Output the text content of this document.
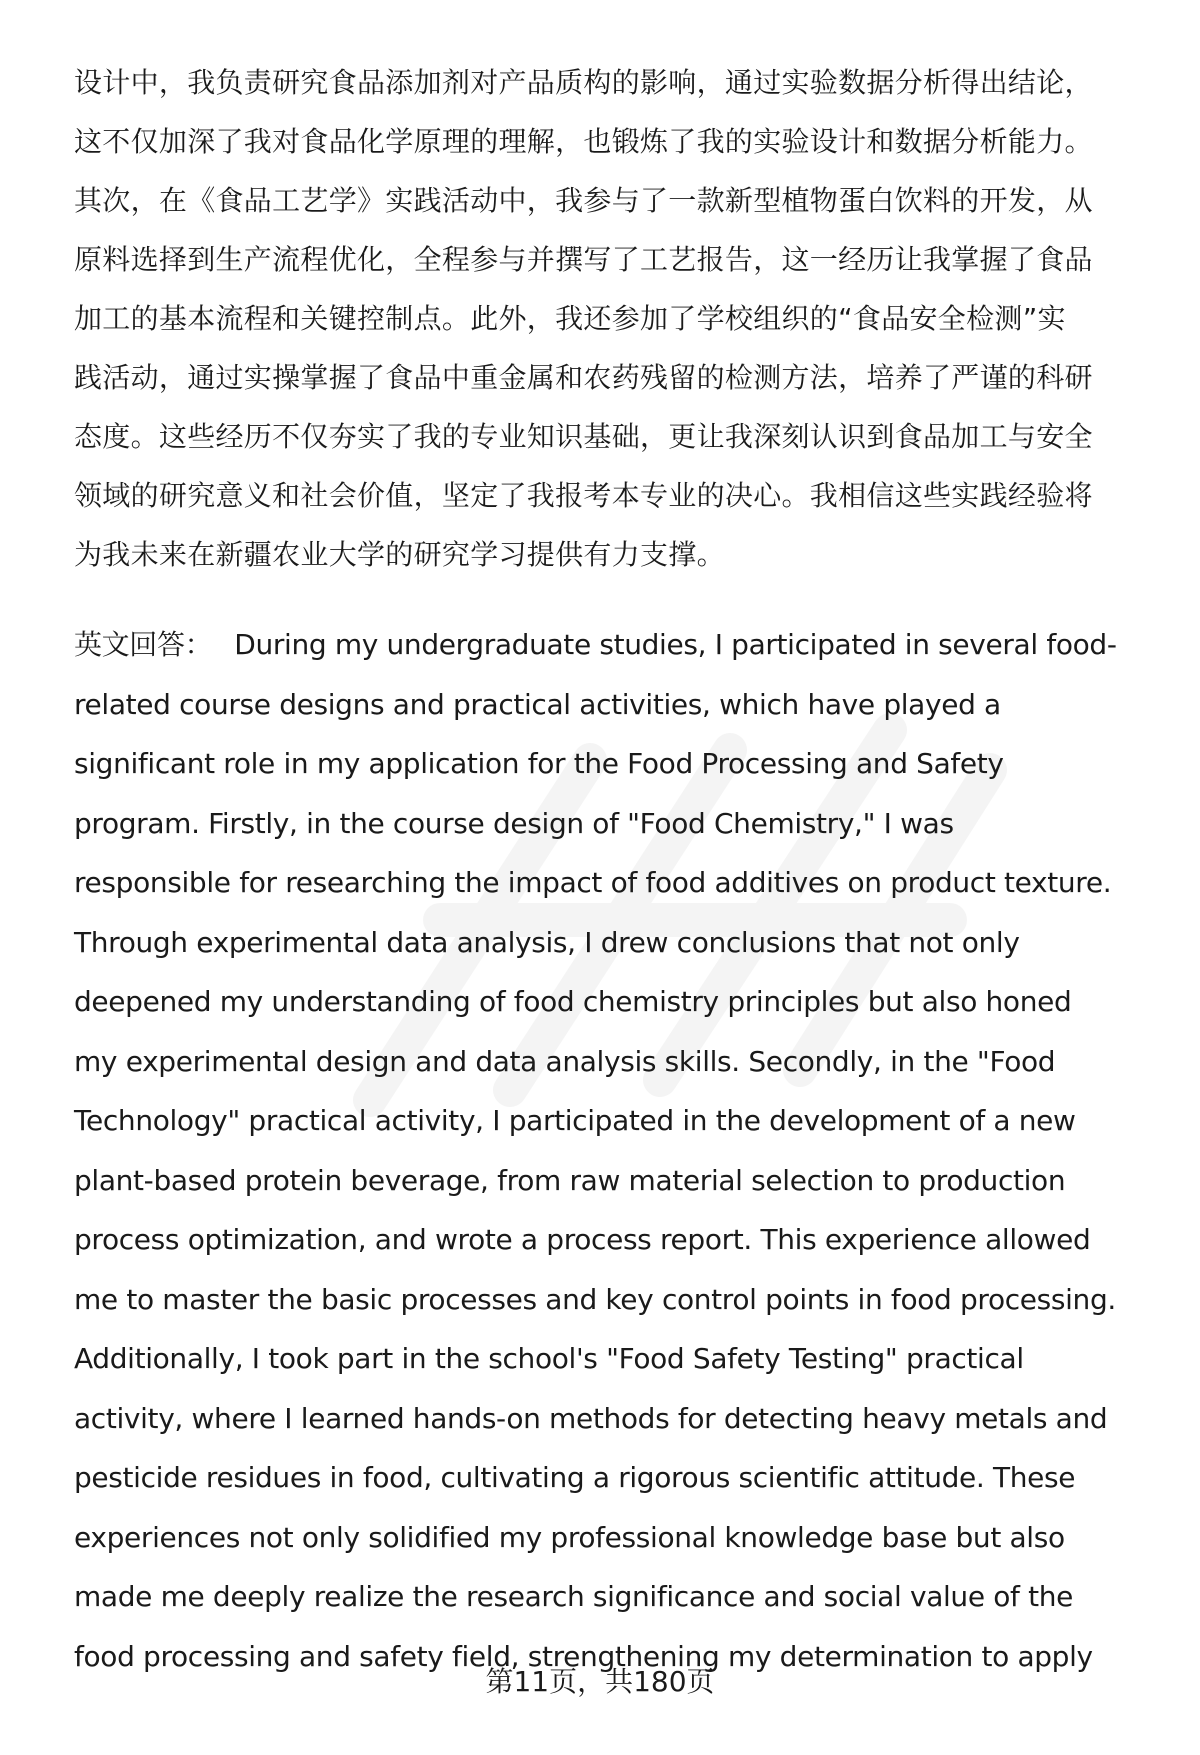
设计中，我负责研究食品添加剂对产品质构的影响，通过实验数据分析得出结论，
这不仅加深了我对食品化学原理的理解，也锻炼了我的实验设计和数据分析能力。
其次，在《食品工艺学》实践活动中，我参与了一款新型植物蛋白饮料的开发，从
原料选择到生产流程优化，全程参与并撰写了工艺报告，这一经历让我掌握了食品
加工的基本流程和关键控制点。此外，我还参加了学校组织的“食品安全检测”实
践活动，通过实操掌握了食品中重金属和农药残留的检测方法，培养了严谨的科研
态度。这些经历不仅夯实了我的专业知识基础，更让我深刻认识到食品加工与安全
领域的研究意义和社会价值，坚定了我报考本专业的决心。我相信这些实践经验将
为我未来在新疆农业大学的研究学习提供有力支撑。
英文回答： During my undergraduate studies, I participated in several food-
related course designs and practical activities, which have played a
significant role in my application for the Food Processing and Safety
program. Firstly, in the course design of "Food Chemistry," I was
responsible for researching the impact of food additives on product texture.
Through experimental data analysis, I drew conclusions that not only
deepened my understanding of food chemistry principles but also honed
my experimental design and data analysis skills. Secondly, in the "Food
Technology" practical activity, I participated in the development of a new
plant-based protein beverage, from raw material selection to production
process optimization, and wrote a process report. This experience allowed
me to master the basic processes and key control points in food processing.
Additionally, I took part in the school's "Food Safety Testing" practical
activity, where I learned hands-on methods for detecting heavy metals and
pesticide residues in food, cultivating a rigorous scientific attitude. These
experiences not only solidified my professional knowledge base but also
made me deeply realize the research significance and social value of the
food processing and safety field, strengthening my determination to apply
第11页，共180页
